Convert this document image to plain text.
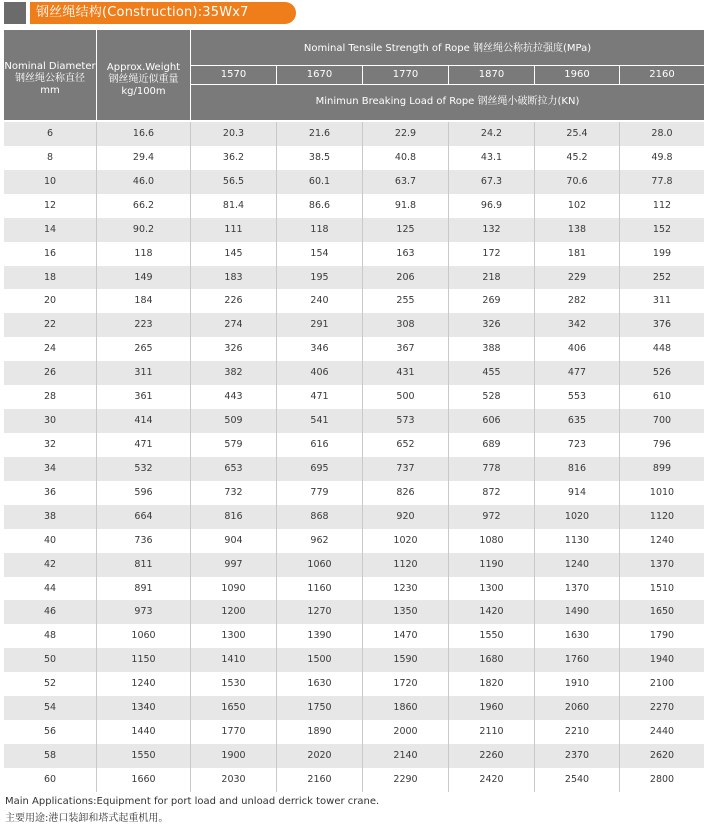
钢丝绳结构(Construction):35Wx7
Nominal Diameter
钢丝绳公称直径
mm
Approx.Weight
钢丝绳近似重量
kg/100m
Nominal Tensile Strength of Rope 钢丝绳公称抗拉强度(MPa)
1570	1670	1770	1870	1960	2160
Minimun Breaking Load of Rope 钢丝绳小破断拉力(KN)
6	16.6	20.3	21.6	22.9	24.2	25.4	28.0
8	29.4	36.2	38.5	40.8	43.1	45.2	49.8
10	46.0	56.5	60.1	63.7	67.3	70.6	77.8
12	66.2	81.4	86.6	91.8	96.9	102	112
14	90.2	111	118	125	132	138	152
16	118	145	154	163	172	181	199
18	149	183	195	206	218	229	252
20	184	226	240	255	269	282	311
22	223	274	291	308	326	342	376
24	265	326	346	367	388	406	448
26	311	382	406	431	455	477	526
28	361	443	471	500	528	553	610
30	414	509	541	573	606	635	700
32	471	579	616	652	689	723	796
34	532	653	695	737	778	816	899
36	596	732	779	826	872	914	1010
38	664	816	868	920	972	1020	1120
40	736	904	962	1020	1080	1130	1240
42	811	997	1060	1120	1190	1240	1370
44	891	1090	1160	1230	1300	1370	1510
46	973	1200	1270	1350	1420	1490	1650
48	1060	1300	1390	1470	1550	1630	1790
50	1150	1410	1500	1590	1680	1760	1940
52	1240	1530	1630	1720	1820	1910	2100
54	1340	1650	1750	1860	1960	2060	2270
56	1440	1770	1890	2000	2110	2210	2440
58	1550	1900	2020	2140	2260	2370	2620
60	1660	2030	2160	2290	2420	2540	2800
Main Applications:Equipment for port load and unload derrick tower crane.
主要用途:港口装卸和塔式起重机用。
